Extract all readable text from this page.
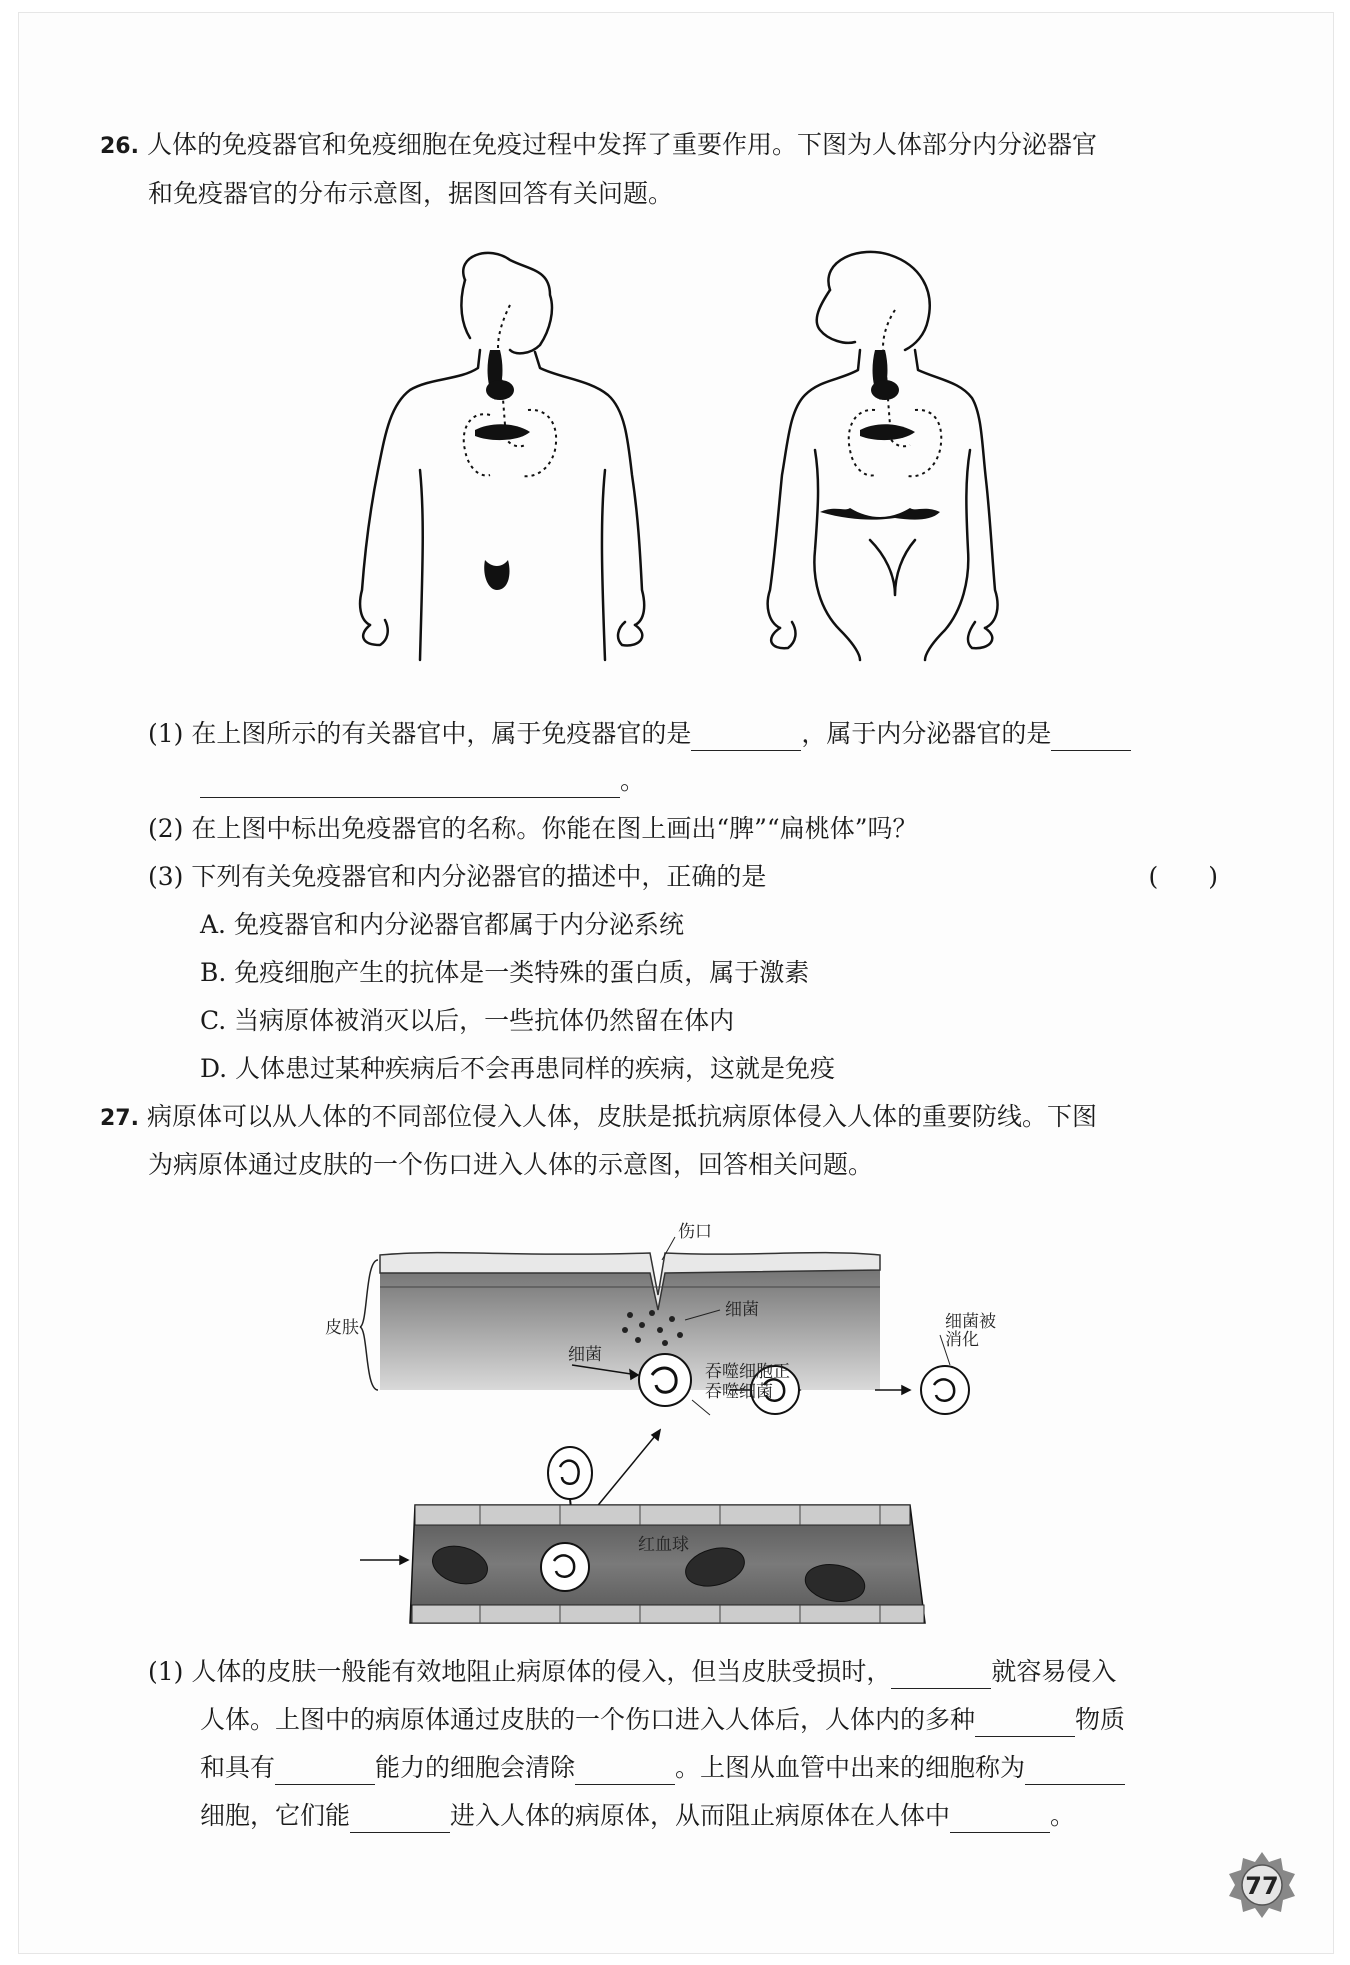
26. 人体的免疫器官和免疫细胞在免疫过程中发挥了重要作用。下图为人体部分内分泌器官
和免疫器官的分布示意图，据图回答有关问题。
(1) 在上图所示的有关器官中，属于免疫器官的是	，属于内分泌器官的是
。
(2) 在上图中标出免疫器官的名称。你能在图上画出“脾”“扁桃体”吗？
(3) 下列有关免疫器官和内分泌器官的描述中，正确的是	(　　)
A. 免疫器官和内分泌器官都属于内分泌系统
B. 免疫细胞产生的抗体是一类特殊的蛋白质，属于激素
C. 当病原体被消灭以后，一些抗体仍然留在体内
D. 人体患过某种疾病后不会再患同样的疾病，这就是免疫
27. 病原体可以从人体的不同部位侵入人体，皮肤是抵抗病原体侵入人体的重要防线。下图
为病原体通过皮肤的一个伤口进入人体的示意图，回答相关问题。
伤口
皮肤
细菌
细菌
吞噬细胞正
吞噬细菌
细菌被
消化
红血球
(1) 人体的皮肤一般能有效地阻止病原体的侵入，但当皮肤受损时，	就容易侵入
人体。上图中的病原体通过皮肤的一个伤口进入人体后，人体内的多种	物质
和具有	能力的细胞会清除	。上图从血管中出来的细胞称为
细胞，它们能	进入人体的病原体，从而阻止病原体在人体中	。
77
